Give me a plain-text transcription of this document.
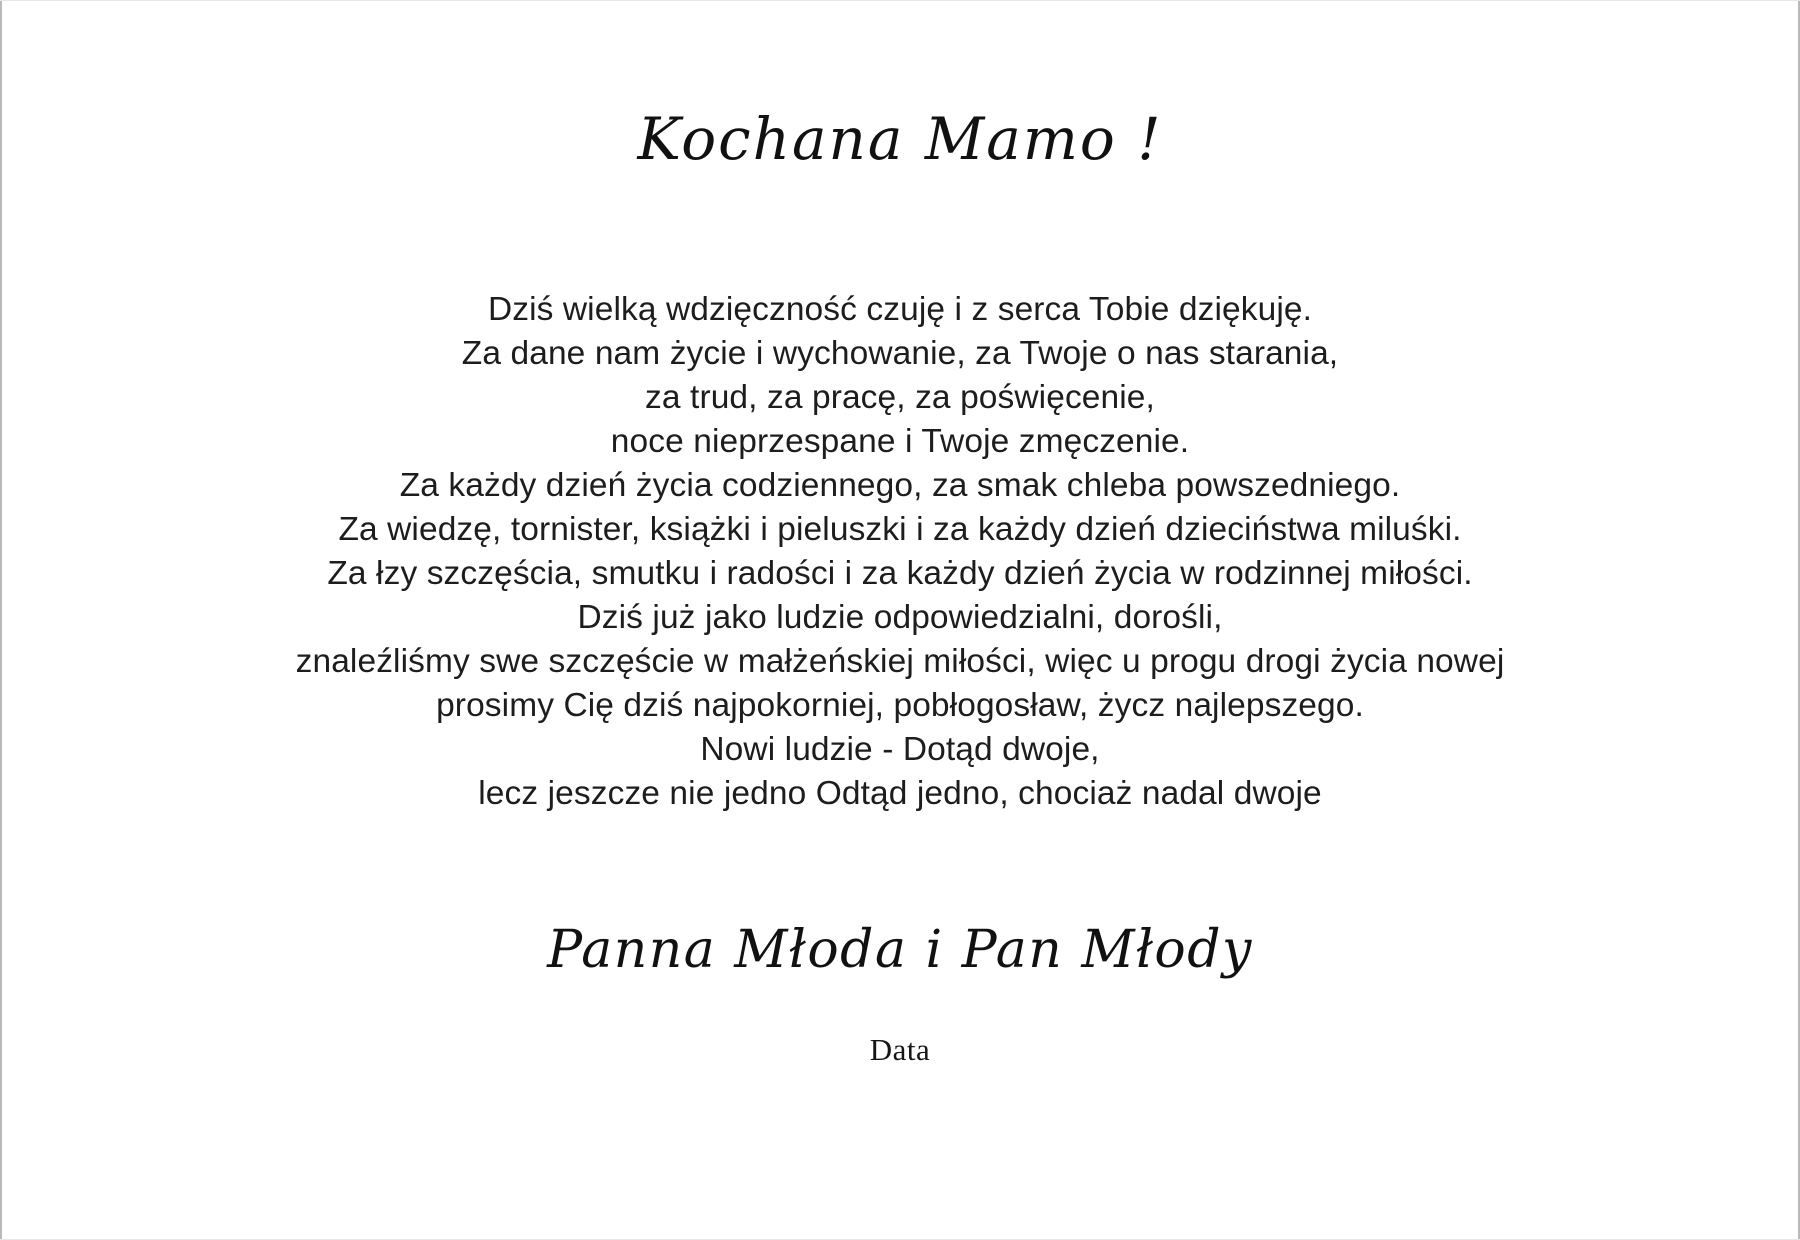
Kochana Mamo !
Dziś wielką wdzięczność czuję i z serca Tobie dziękuję.
Za dane nam życie i wychowanie, za Twoje o nas starania,
za trud, za pracę, za poświęcenie,
noce nieprzespane i Twoje zmęczenie.
Za każdy dzień życia codziennego, za smak chleba powszedniego.
Za wiedzę, tornister, książki i pieluszki i za każdy dzień dzieciństwa miluśki.
Za łzy szczęścia, smutku i radości i za każdy dzień życia w rodzinnej miłości.
Dziś już jako ludzie odpowiedzialni, dorośli,
znaleźliśmy swe szczęście w małżeńskiej miłości, więc u progu drogi życia nowej
prosimy Cię dziś najpokorniej, pobłogosław, życz najlepszego.
Nowi ludzie - Dotąd dwoje,
lecz jeszcze nie jedno Odtąd jedno, chociaż nadal dwoje
Panna Młoda i Pan Młody
Data
